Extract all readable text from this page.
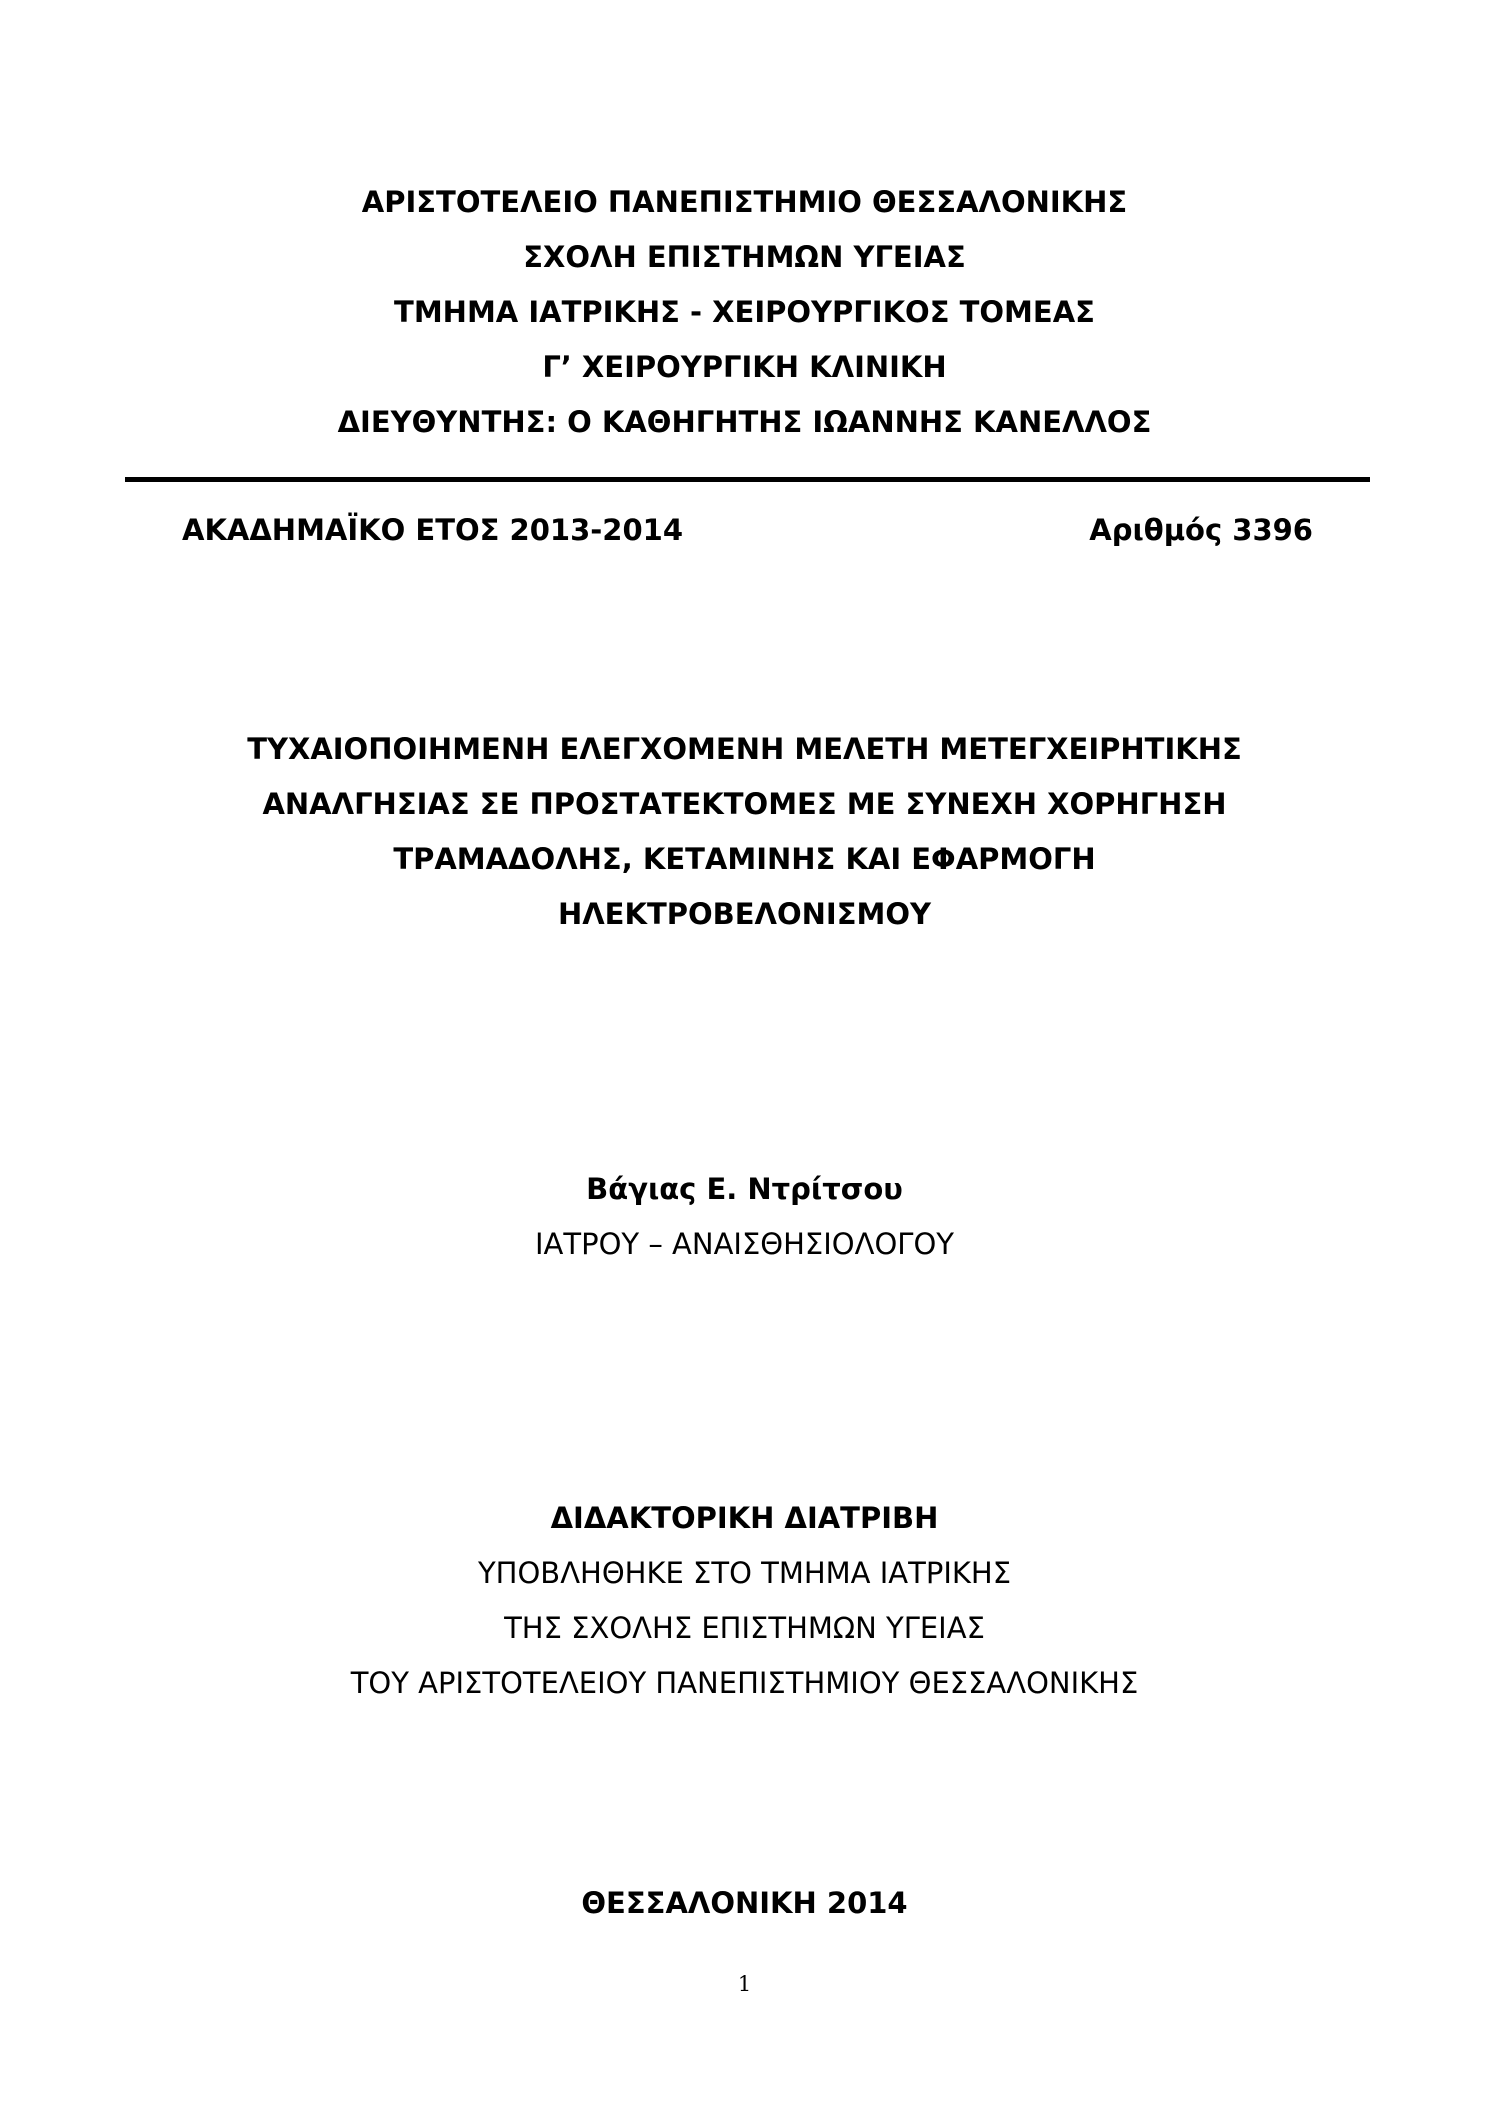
ΑΡΙΣΤΟΤΕΛΕΙΟ ΠΑΝΕΠΙΣΤΗΜΙΟ ΘΕΣΣΑΛΟΝΙΚΗΣ
ΣΧΟΛΗ ΕΠΙΣΤΗΜΩΝ ΥΓΕΙΑΣ
ΤΜΗΜΑ ΙΑΤΡΙΚΗΣ - ΧΕΙΡΟΥΡΓΙΚΟΣ ΤΟΜΕΑΣ
Γ’ ΧΕΙΡΟΥΡΓΙΚΗ ΚΛΙΝΙΚΗ
ΔΙΕΥΘΥΝΤΗΣ: Ο ΚΑΘΗΓΗΤΗΣ ΙΩΑΝΝΗΣ ΚΑΝΕΛΛΟΣ
ΑΚΑΔΗΜΑΪΚΟ ΕΤΟΣ 2013-2014	Αριθμός 3396
ΤΥΧΑΙΟΠΟΙΗΜΕΝΗ ΕΛΕΓΧΟΜΕΝΗ ΜΕΛΕΤΗ ΜΕΤΕΓΧΕΙΡΗΤΙΚΗΣ
ΑΝΑΛΓΗΣΙΑΣ ΣΕ ΠΡΟΣΤΑΤΕΚΤΟΜΕΣ ΜΕ ΣΥΝΕΧΗ ΧΟΡΗΓΗΣΗ
ΤΡΑΜΑΔΟΛΗΣ, ΚΕΤΑΜΙΝΗΣ ΚΑΙ ΕΦΑΡΜΟΓΗ
ΗΛΕΚΤΡΟΒΕΛΟΝΙΣΜΟΥ
Βάγιας Ε. Ντρίτσου
ΙΑΤΡΟΥ – ΑΝΑΙΣΘΗΣΙΟΛΟΓΟΥ
ΔΙΔΑΚΤΟΡΙΚΗ ΔΙΑΤΡΙΒΗ
ΥΠΟΒΛΗΘΗΚΕ ΣΤΟ ΤΜΗΜΑ ΙΑΤΡΙΚΗΣ
ΤΗΣ ΣΧΟΛΗΣ ΕΠΙΣΤΗΜΩΝ ΥΓΕΙΑΣ
ΤΟΥ ΑΡΙΣΤΟΤΕΛΕΙΟΥ ΠΑΝΕΠΙΣΤΗΜΙΟΥ ΘΕΣΣΑΛΟΝΙΚΗΣ
ΘΕΣΣΑΛΟΝΙΚΗ 2014
1
